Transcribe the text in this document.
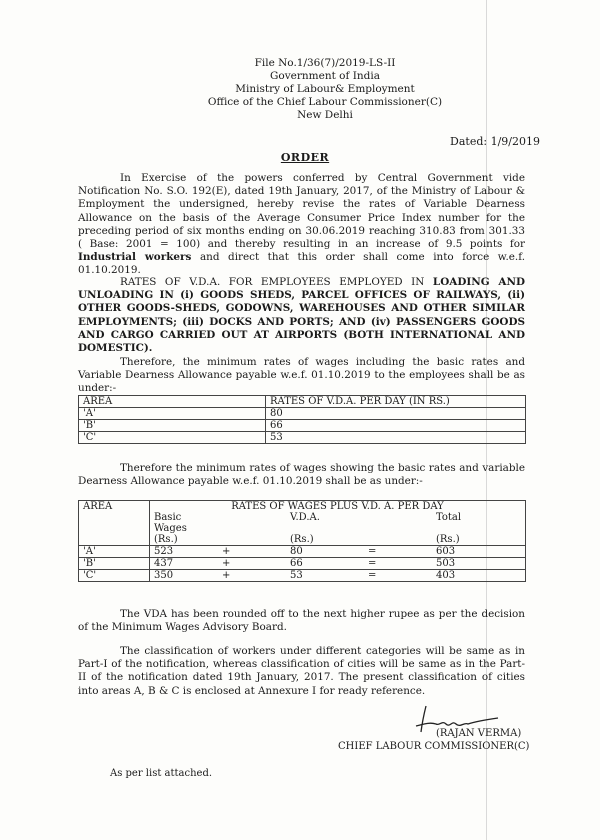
File No.1/36(7)/2019-LS-II
Government of India
Ministry of Labour& Employment
Office of the Chief Labour Commissioner(C)
New Delhi
Dated: 1/9/2019
ORDER
In Exercise of the powers conferred by Central Government vide Notification No. S.O. 192(E), dated 19th January, 2017, of the Ministry of Labour & Employment the undersigned, hereby revise the rates of Variable Dearness Allowance on the basis of the Average Consumer Price Index number for the preceding period of six months ending on 30.06.2019 reaching 310.83 from 301.33 ( Base: 2001 = 100) and thereby resulting in an increase of 9.5 points for Industrial workers and direct that this order shall come into force w.e.f. 01.10.2019.
RATES OF V.D.A. FOR EMPLOYEES EMPLOYED IN LOADING AND UNLOADING IN (i) GOODS SHEDS, PARCEL OFFICES OF RAILWAYS, (ii) OTHER GOODS-SHEDS, GODOWNS, WAREHOUSES AND OTHER SIMILAR EMPLOYMENTS; (iii) DOCKS AND PORTS; AND (iv) PASSENGERS GOODS AND CARGO CARRIED OUT AT AIRPORTS (BOTH INTERNATIONAL AND DOMESTIC).
Therefore, the minimum rates of wages including the basic rates and Variable Dearness Allowance payable w.e.f. 01.10.2019 to the employees shall be as under:-
AREA	RATES OF V.D.A. PER DAY (IN RS.)
'A'	80
'B'	66
'C'	53
Therefore the minimum rates of wages showing the basic rates and variable Dearness Allowance payable w.e.f. 01.10.2019 shall be as under:-
AREA	RATES OF WAGES PLUS V.D. A. PER DAY				
	Basic		V.D.A.		Total
	Wages				
	(Rs.)		(Rs.)		(Rs.)
'A'	523	+	80	=	603
'B'	437	+	66	=	503
'C'	350	+	53	=	403
The VDA has been rounded off to the next higher rupee as per the decision of the Minimum Wages Advisory Board.
The classification of workers under different categories will be same as in Part-I of the notification, whereas classification of cities will be same as in the Part-II of the notification dated 19th January, 2017. The present classification of cities into areas A, B & C is enclosed at Annexure I for ready reference.
(RAJAN VERMA)
CHIEF LABOUR COMMISSIONER(C)
As per list attached.
